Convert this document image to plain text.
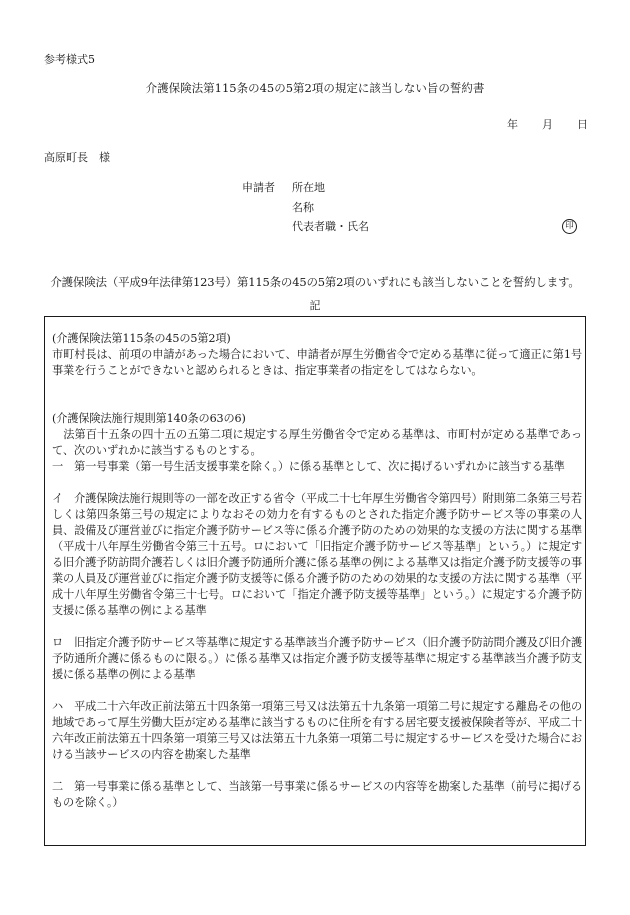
参考様式5
介護保険法第115条の45の5第2項の規定に該当しない旨の誓約書
年 月 日
高原町長　様
申請者 所在地
名称
代表者職・氏名	印
介護保険法（平成9年法律第123号）第115条の45の5第2項のいずれにも該当しないことを誓約します。
記

(介護保険法第115条の45の5第2項)

市町村長は、前項の申請があった場合において、申請者が厚生労働省令で定める基準に従って適正に第1号事業を行うことができないと認められるときは、指定事業者の指定をしてはならない。

(介護保険法施行規則第140条の63の6)

法第百十五条の四十五の五第二項に規定する厚生労働省令で定める基準は、市町村が定める基準であって、次のいずれかに該当するものとする。

一　第一号事業（第一号生活支援事業を除く。）に係る基準として、次に掲げるいずれかに該当する基準

イ　介護保険法施行規則等の一部を改正する省令（平成二十七年厚生労働省令第四号）附則第二条第三号若しくは第四条第三号の規定によりなおその効力を有するものとされた指定介護予防サービス等の事業の人員、設備及び運営並びに指定介護予防サービス等に係る介護予防のための効果的な支援の方法に関する基準（平成十八年厚生労働省令第三十五号。ロにおいて「旧指定介護予防サービス等基準」という。）に規定する旧介護予防訪問介護若しくは旧介護予防通所介護に係る基準の例による基準又は指定介護予防支援等の事業の人員及び運営並びに指定介護予防支援等に係る介護予防のための効果的な支援の方法に関する基準（平成十八年厚生労働省令第三十七号。ロにおいて「指定介護予防支援等基準」という。）に規定する介護予防支援に係る基準の例による基準

ロ　旧指定介護予防サービス等基準に規定する基準該当介護予防サービス（旧介護予防訪問介護及び旧介護予防通所介護に係るものに限る。）に係る基準又は指定介護予防支援等基準に規定する基準該当介護予防支援に係る基準の例による基準

ハ　平成二十六年改正前法第五十四条第一項第三号又は法第五十九条第一項第二号に規定する離島その他の地域であって厚生労働大臣が定める基準に該当するものに住所を有する居宅要支援被保険者等が、平成二十六年改正前法第五十四条第一項第三号又は法第五十九条第一項第二号に規定するサービスを受けた場合における当該サービスの内容を勘案した基準

二　第一号事業に係る基準として、当該第一号事業に係るサービスの内容等を勘案した基準（前号に掲げるものを除く。）
